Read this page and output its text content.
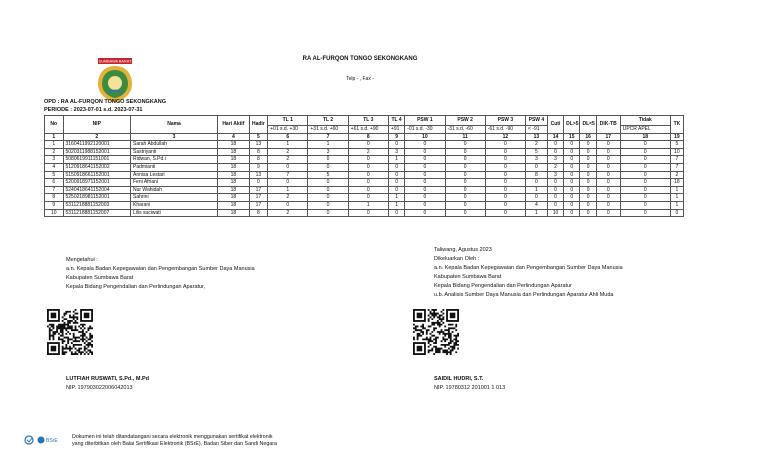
SUMBAWA BARAT	RA AL-FURQON TONGO SEKONGKANG
Telp - , Fax -
OPD : RA AL-FURQON TONGO SEKONGKANG
PERIODE : 2023-07-01 s.d. 2023-07-31
No	NIP	Nama	Hari Aktif	Hadir	TL 1	TL 2	TL 3	TL 4	PSW 1	PSW 2	PSW 3	PSW 4	Cuti	DL>5	DL<5	DIK-TB	Tidak	TK
					+01 s.d. +30	+31 s.d. +60	+61 s.d. +90	+91	-01 s.d. -30	-31 s.d. -60	-61 s.d. -90	< -91					UPCR APEL	
1	2	3	4	5	6	7	8	9	10	11	12	13	14	15	16	17	18	19
1	3160411992120001	Sarah Abdullah	18	13	1	1	0	0	0	0	0	2	0	0	0	0	0	5
2	5020311988152001	Sastriyanti	18	8	2	3	2	3	0	0	0	5	0	0	0	0	0	10
3	5080619911151001	Ridwan, S.Pd.i	18	8	2	0	0	1	0	0	0	3	3	0	0	0	0	7
4	5120918641152002	Padmianti	18	9	0	0	0	0	0	0	0	0	2	0	0	0	0	7
5	5150918661152001	Annisa Lestari	18	13	7	5	0	0	0	0	0	8	3	0	0	0	0	2
6	5200918971152001	Feni Afriani	18	0	0	0	0	0	0	0	0	0	0	0	0	0	0	18
7	5240418641152004	Nur Wahidah	18	17	1	0	0	0	0	0	0	1	0	0	0	0	0	1
8	5250218981152001	Sahrini	18	17	2	0	0	1	0	0	0	0	0	0	0	0	0	1
9	5311218881152003	Kharani	18	17	0	0	1	1	0	0	0	4	0	0	0	0	0	1
10	5311218881152007	Lilis suciwati	18	8	2	0	0	0	0	0	0	1	10	0	0	0	0	0
Mengetahui :
a.n. Kepala Badan Kepegawaian dan Pengembangan Sumber Daya Manusia
Kabupaten Sumbawa Barat
Kepala Bidang Pengendalian dan Perlindungan Aparatur,
LUTFIAH RUSWATI, S.Pd., M.Pd
NIP. 197903022006042013
Taliwang, Agustus 2023
Dikeluarkan Oleh :
a.n. Kepala Badan Kepegawaian dan Pengembangan Sumber Daya Manusia
Kabupaten Sumbawa Barat
Kepala Bidang Pengendalian dan Perlindungan Aparatur
u.b. Analisis Sumber Daya Manusia dan Perlindungan Aparatur Ahli Muda
SAIDIL HUDRI, S.T.
NIP. 19780312 201001 1 013
BSrE
Dokumen ini telah ditandatangani secara elektronik menggunakan sertifikat elektronik
yang diterbitkan oleh Balai Sertifikasi Elektronik (BSrE), Badan Siber dan Sandi Negara
